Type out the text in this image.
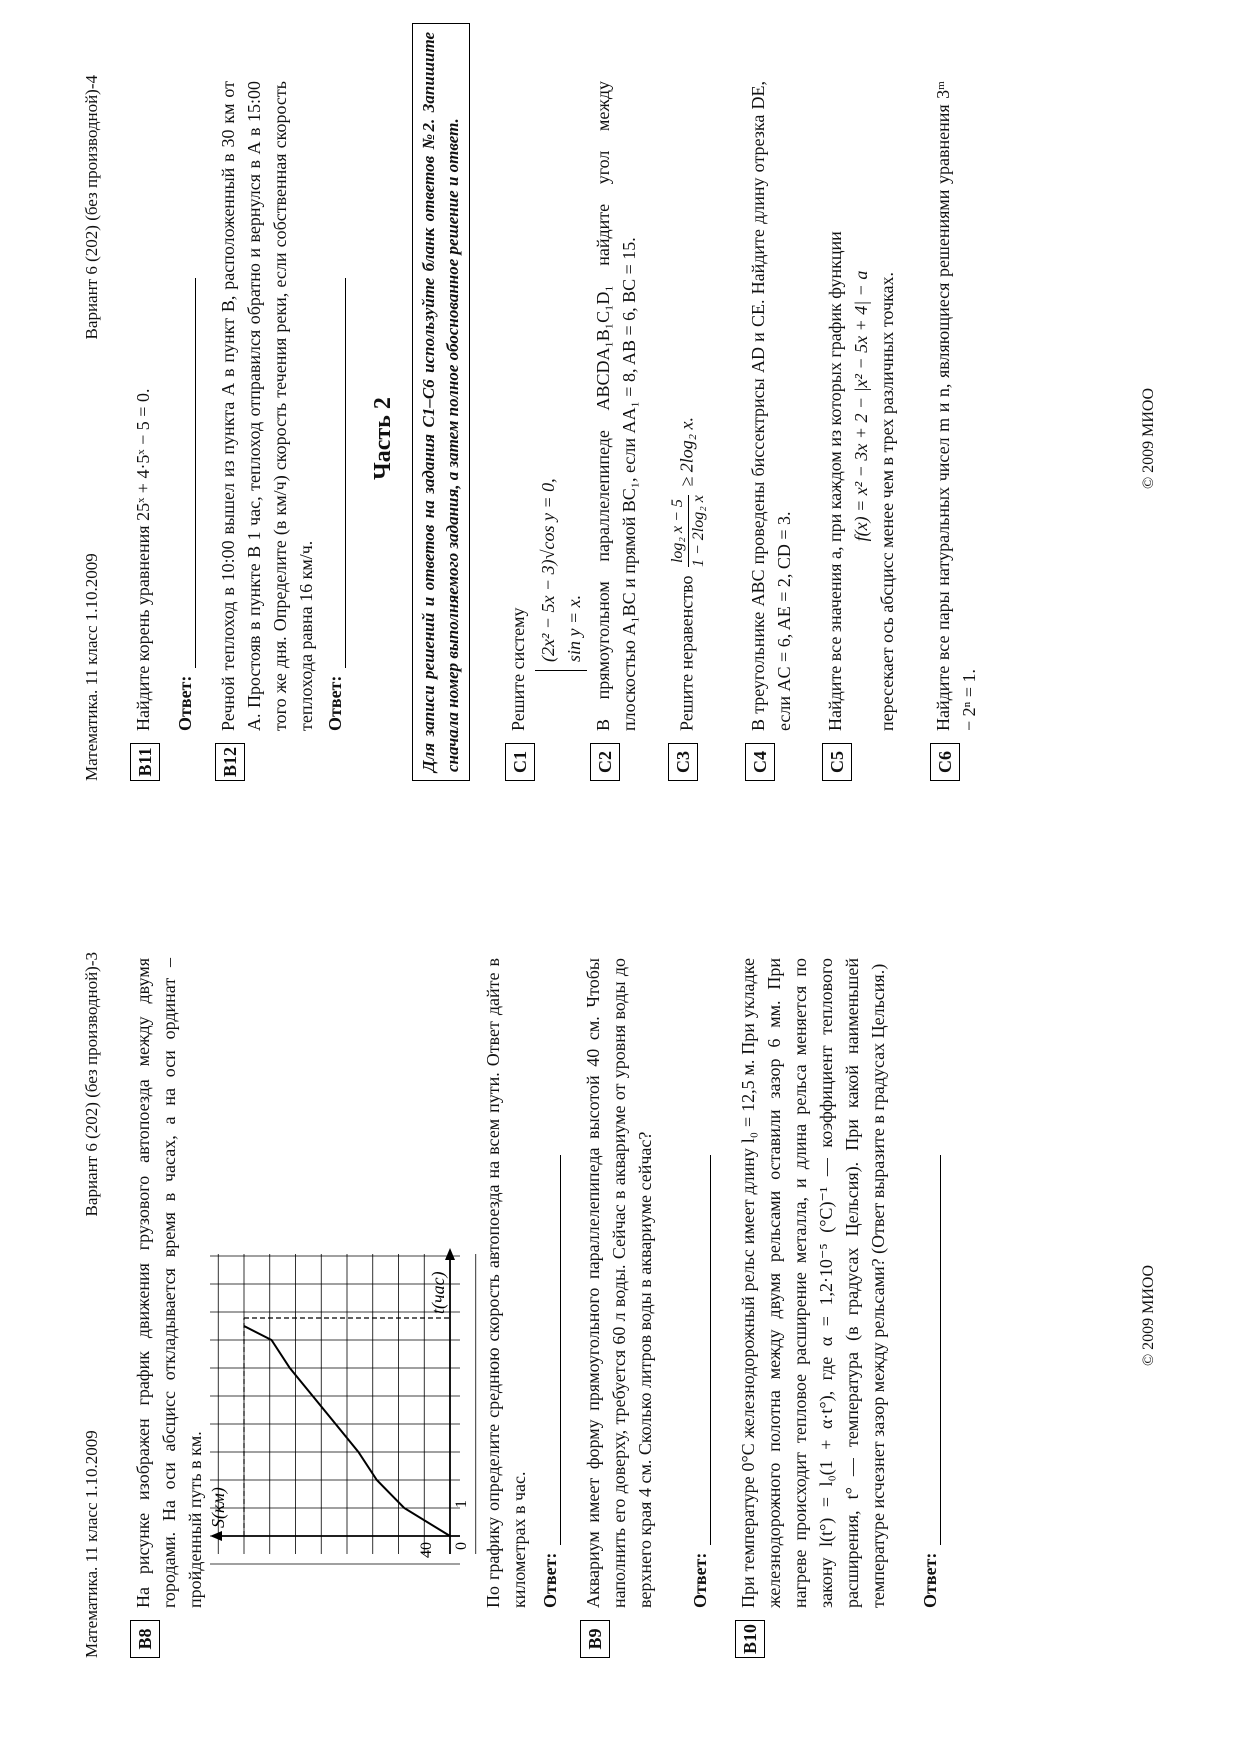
Математика. 11 класс 1.10.2009
Вариант 6 (202) (без производной)-3
B8
На рисунке изображен график движения грузового автопоезда между двумя городами. На оси абсцисс откладывается время в часах, а на оси ординат – пройденный путь в км. S(км)
t(час)
40 0
1 По графику определите среднюю скорость автопоезда на всем пути. Ответ дайте в километрах в час. Ответ:
B9
Аквариум имеет форму прямоугольного параллелепипеда высотой 40 см. Чтобы наполнить его доверху, требуется 60 л воды. Сейчас в аквариуме от уровня воды до верхнего края 4 см. Сколько литров воды в аквариуме сейчас? Ответ:
B10
При температуре 0°С железнодорожный рельс имеет длину l₀ = 12,5 м. При укладке железнодорожного полотна между двумя рельсами оставили зазор 6 мм. При нагреве происходит тепловое расширение металла, и длина рельса меняется по закону l(t°) = l₀(1 + α·t°), где α = 1,2·10⁻⁵ (°C)⁻¹ — коэффициент теплового расширения, t° — температура (в градусах Цельсия). При какой наименьшей температуре исчезнет зазор между рельсами? (Ответ выразите в градусах Цельсия.) Ответ:
© 2009 МИОО
Математика. 11 класс 1.10.2009
Вариант 6 (202) (без производной)-4
B11
Найдите корень уравнения 25ˣ + 4·5ˣ − 5 = 0. Ответ:
B12
Речной теплоход в 10:00 вышел из пункта А в пункт В, расположенный в 30 км от А. Простояв в пункте В 1 час, теплоход отправился обратно и вернулся в А в 15:00 того же дня. Определите (в км/ч) скорость течения реки, если собственная скорость теплохода равна 16 км/ч. Ответ:
Часть 2	Для записи решений и ответов на задания С1–С6 используйте бланк ответов №2. Запишите сначала номер выполняемого задания, а затем полное обоснованное решение и ответ.	C1
Решите систему
(2x² − 5x − 3)√cos y = 0, sin y = x.
C2
В прямоугольном параллелепипеде ABCDA₁B₁C₁D₁ найдите угол между плоскостью A₁BC и прямой BC₁, если AA₁ = 8, AB = 6, BC = 15.
C3
Решите неравенство
log₂ x − 5 1 − 2log₂ x
≥ 2log₂ x.
C4
В треугольнике ABC проведены биссектрисы AD и CE. Найдите длину отрезка DE, если AC = 6, AE = 2, CD = 3.
C5
Найдите все значения a, при каждом из которых график функции f(x) = x² − 3x + 2 − |x² − 5x + 4| − a пересекает ось абсцисс менее чем в трех различных точках.
C6
Найдите все пары натуральных чисел m и n, являющиеся решениями уравнения 3ᵐ − 2ⁿ = 1.
© 2009 МИОО
